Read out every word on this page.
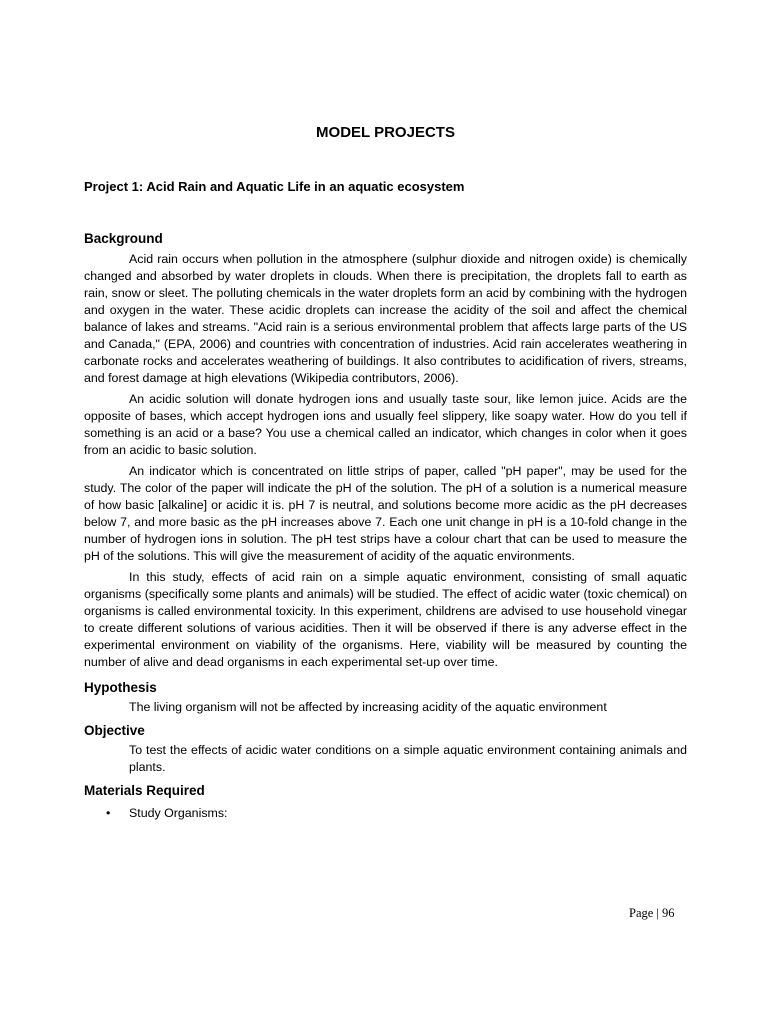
MODEL PROJECTS
Project 1: Acid Rain and Aquatic Life in an aquatic ecosystem
Background

Acid rain occurs when pollution in the atmosphere (sulphur dioxide and nitrogen oxide) is chemically changed and absorbed by water droplets in clouds. When there is precipitation, the droplets fall to earth as rain, snow or sleet. The polluting chemicals in the water droplets form an acid by combining with the hydrogen and oxygen in the water. These acidic droplets can increase the acidity of the soil and affect the chemical balance of lakes and streams. "Acid rain is a serious environmental problem that affects large parts of the US and Canada," (EPA, 2006) and countries with concentration of industries. Acid rain accelerates weathering in carbonate rocks and accelerates weathering of buildings. It also contributes to acidification of rivers, streams, and forest damage at high elevations (Wikipedia contributors, 2006).

An acidic solution will donate hydrogen ions and usually taste sour, like lemon juice. Acids are the opposite of bases, which accept hydrogen ions and usually feel slippery, like soapy water. How do you tell if something is an acid or a base? You use a chemical called an indicator, which changes in color when it goes from an acidic to basic solution.

An indicator which is concentrated on little strips of paper, called "pH paper", may be used for the study. The color of the paper will indicate the pH of the solution. The pH of a solution is a numerical measure of how basic [alkaline] or acidic it is. pH 7 is neutral, and solutions become more acidic as the pH decreases below 7, and more basic as the pH increases above 7. Each one unit change in pH is a 10-fold change in the number of hydrogen ions in solution. The pH test strips have a colour chart that can be used to measure the pH of the solutions. This will give the measurement of acidity of the aquatic environments.

In this study, effects of acid rain on a simple aquatic environment, consisting of small aquatic organisms (specifically some plants and animals) will be studied. The effect of acidic water (toxic chemical) on organisms is called environmental toxicity. In this experiment, childrens are advised to use household vinegar to create different solutions of various acidities. Then it will be observed if there is any adverse effect in the experimental environment on viability of the organisms. Here, viability will be measured by counting the number of alive and dead organisms in each experimental set-up over time.

Hypothesis

The living organism will not be affected by increasing acidity of the aquatic environment

Objective

To test the effects of acidic water conditions on a simple aquatic environment containing animals and plants.

Materials Required
•	Study Organisms:
Page | 96
